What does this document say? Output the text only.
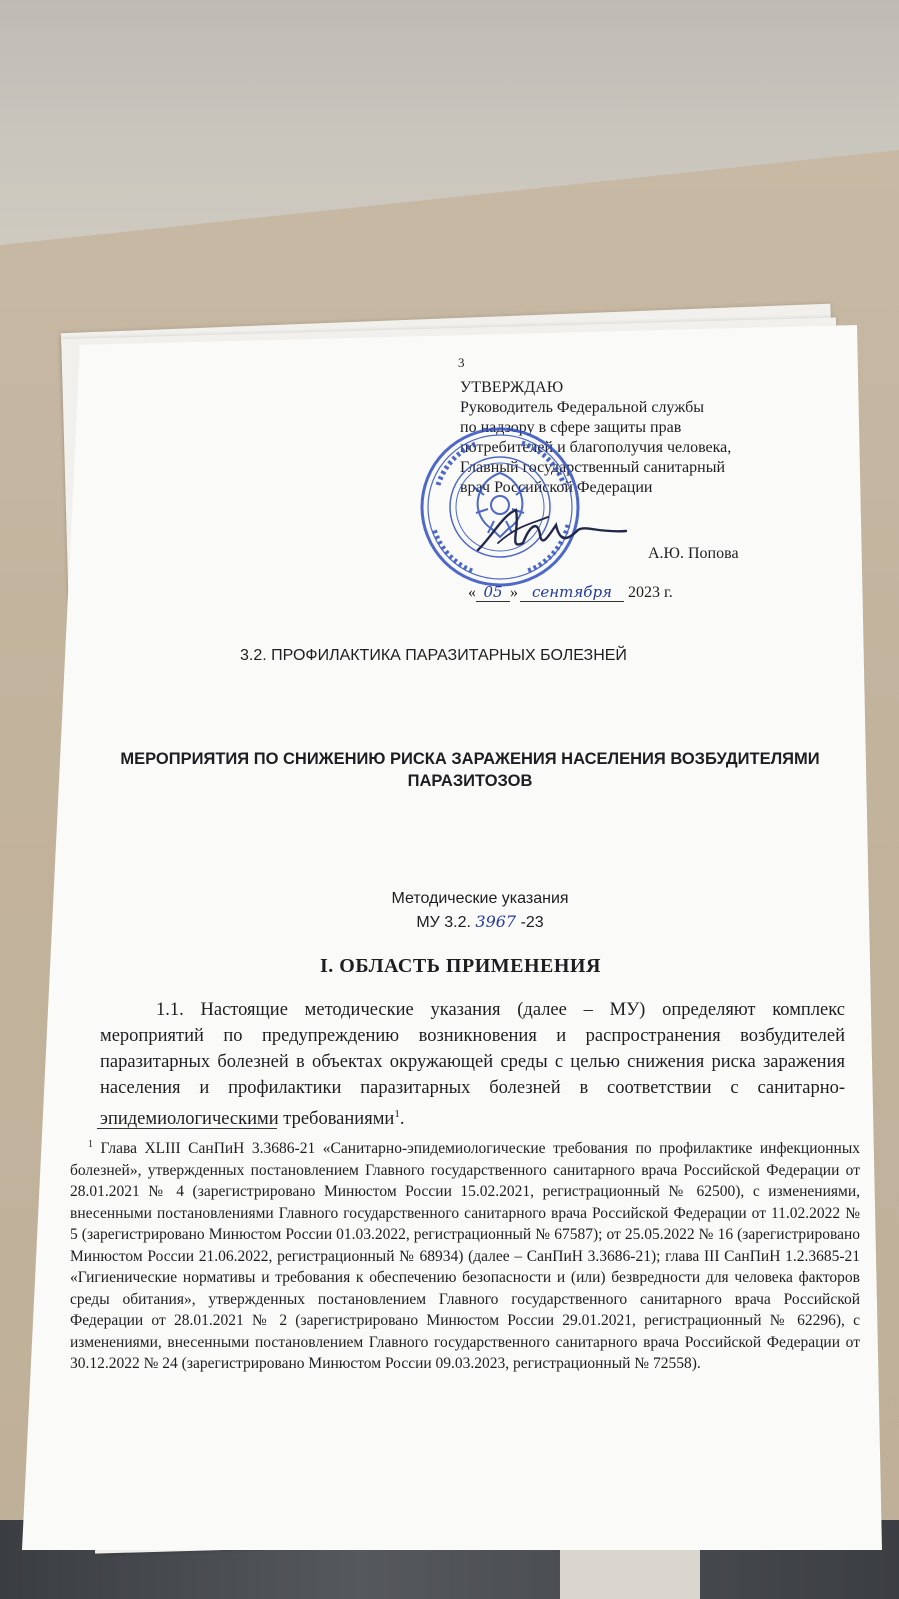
3
УТВЕРЖДАЮ
Руководитель Федеральной службы
по надзору в сфере защиты прав
потребителей и благополучия человека,
Главный государственный санитарный
врач Российской Федерации
А.Ю. Попова
« 05 » сентября 2023 г.
3.2. ПРОФИЛАКТИКА ПАРАЗИТАРНЫХ БОЛЕЗНЕЙ
МЕРОПРИЯТИЯ ПО СНИЖЕНИЮ РИСКА ЗАРАЖЕНИЯ НАСЕЛЕНИЯ ВОЗБУДИТЕЛЯМИ ПАРАЗИТОЗОВ
Методические указания
МУ 3.2. 3967 -23
I. ОБЛАСТЬ ПРИМЕНЕНИЯ
1.1. Настоящие методические указания (далее – МУ) определяют комплекс мероприятий по предупреждению возникновения и распространения возбудителей паразитарных болезней в объектах окружающей среды с целью снижения риска заражения населения и профилактики паразитарных болезней в соответствии с санитарно-эпидемиологическими требованиями$^1$.
$^1$ Глава XLIII СанПиН 3.3686-21 «Санитарно-эпидемиологические требования по профилактике инфекционных болезней», утвержденных постановлением Главного государственного санитарного врача Российской Федерации от 28.01.2021 № 4 (зарегистрировано Минюстом России 15.02.2021, регистрационный № 62500), с изменениями, внесенными постановлениями Главного государственного санитарного врача Российской Федерации от 11.02.2022 № 5 (зарегистрировано Минюстом России 01.03.2022, регистрационный № 67587); от 25.05.2022 № 16 (зарегистрировано Минюстом России 21.06.2022, регистрационный № 68934) (далее – СанПиН 3.3686-21); глава III СанПиН 1.2.3685-21 «Гигиенические нормативы и требования к обеспечению безопасности и (или) безвредности для человека факторов среды обитания», утвержденных постановлением Главного государственного санитарного врача Российской Федерации от 28.01.2021 № 2 (зарегистрировано Минюстом России 29.01.2021, регистрационный № 62296), с изменениями, внесенными постановлением Главного государственного санитарного врача Российской Федерации от 30.12.2022 № 24 (зарегистрировано Минюстом России 09.03.2023, регистрационный № 72558).
